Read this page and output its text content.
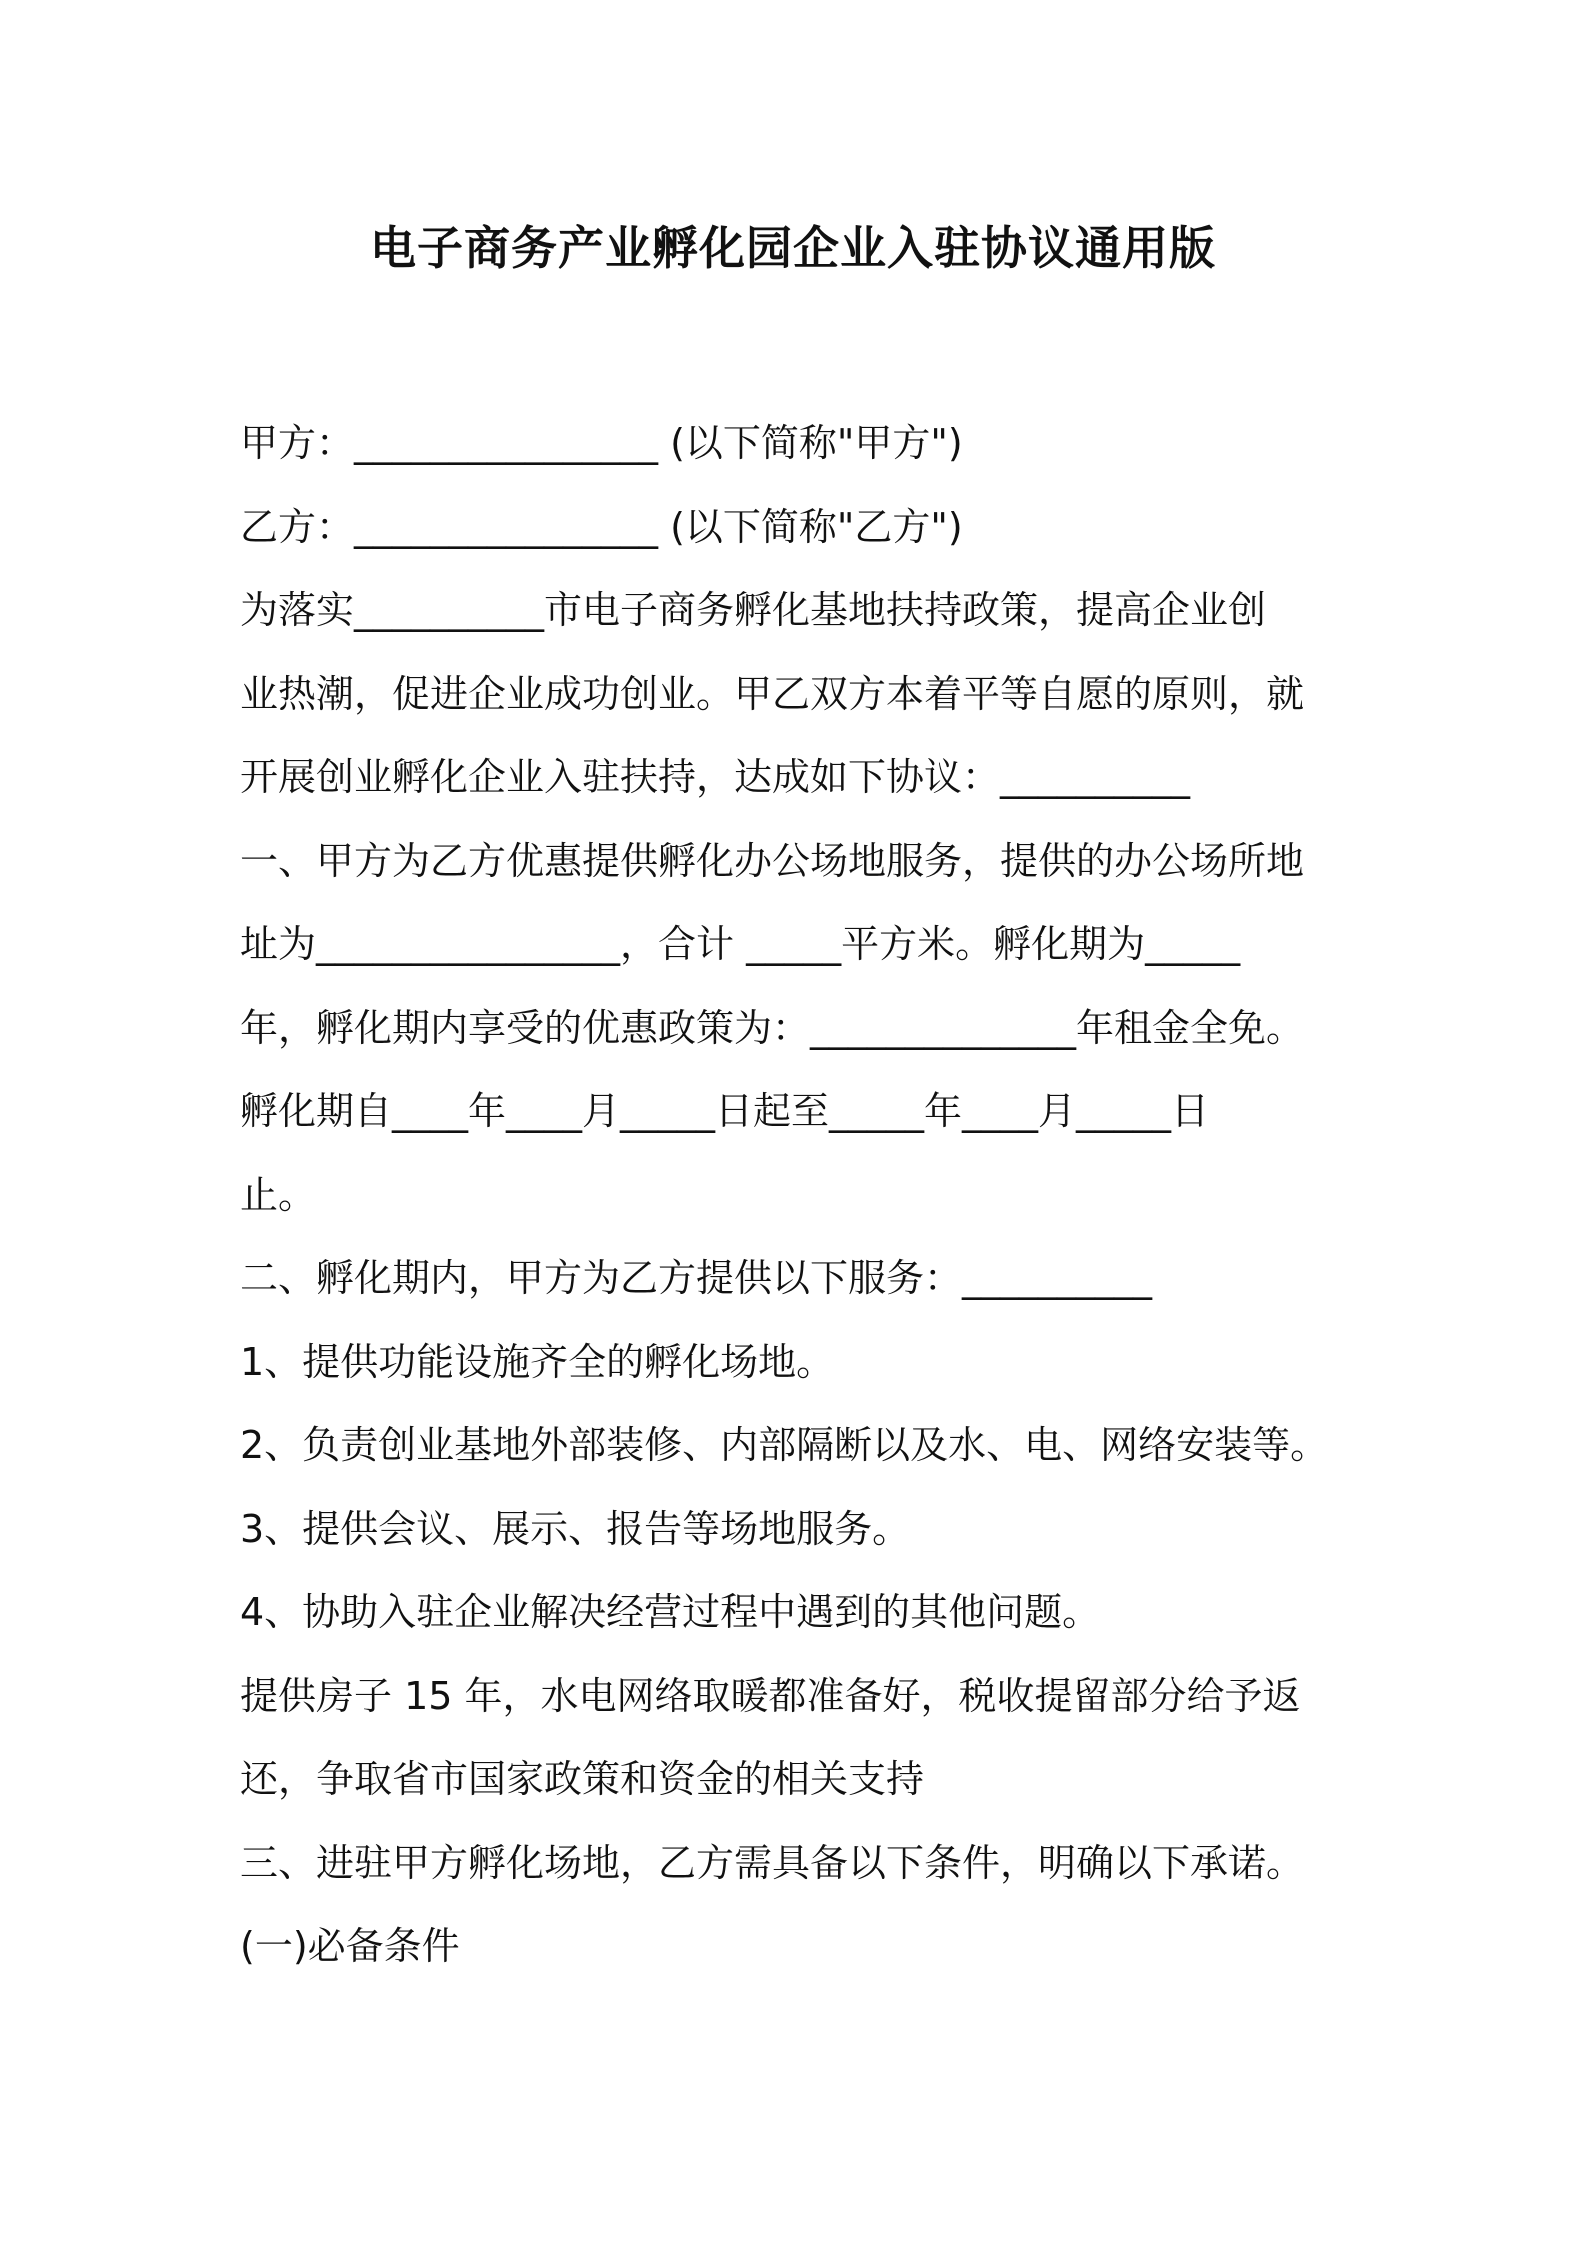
电子商务产业孵化园企业入驻协议通用版
甲方：________________ (以下简称"甲方")
乙方：________________ (以下简称"乙方")
为落实__________市电子商务孵化基地扶持政策，提高企业创
业热潮，促进企业成功创业。甲乙双方本着平等自愿的原则，就
开展创业孵化企业入驻扶持，达成如下协议：__________
一、甲方为乙方优惠提供孵化办公场地服务，提供的办公场所地
址为________________，合计 _____平方米。孵化期为_____
年，孵化期内享受的优惠政策为：______________年租金全免。
孵化期自____年____月_____日起至_____年____月_____日
止。
二、孵化期内，甲方为乙方提供以下服务：__________
1、提供功能设施齐全的孵化场地。
2、负责创业基地外部装修、内部隔断以及水、电、网络安装等。
3、提供会议、展示、报告等场地服务。
4、协助入驻企业解决经营过程中遇到的其他问题。
提供房子 15 年，水电网络取暖都准备好，税收提留部分给予返
还，争取省市国家政策和资金的相关支持
三、进驻甲方孵化场地，乙方需具备以下条件，明确以下承诺。
(一)必备条件
